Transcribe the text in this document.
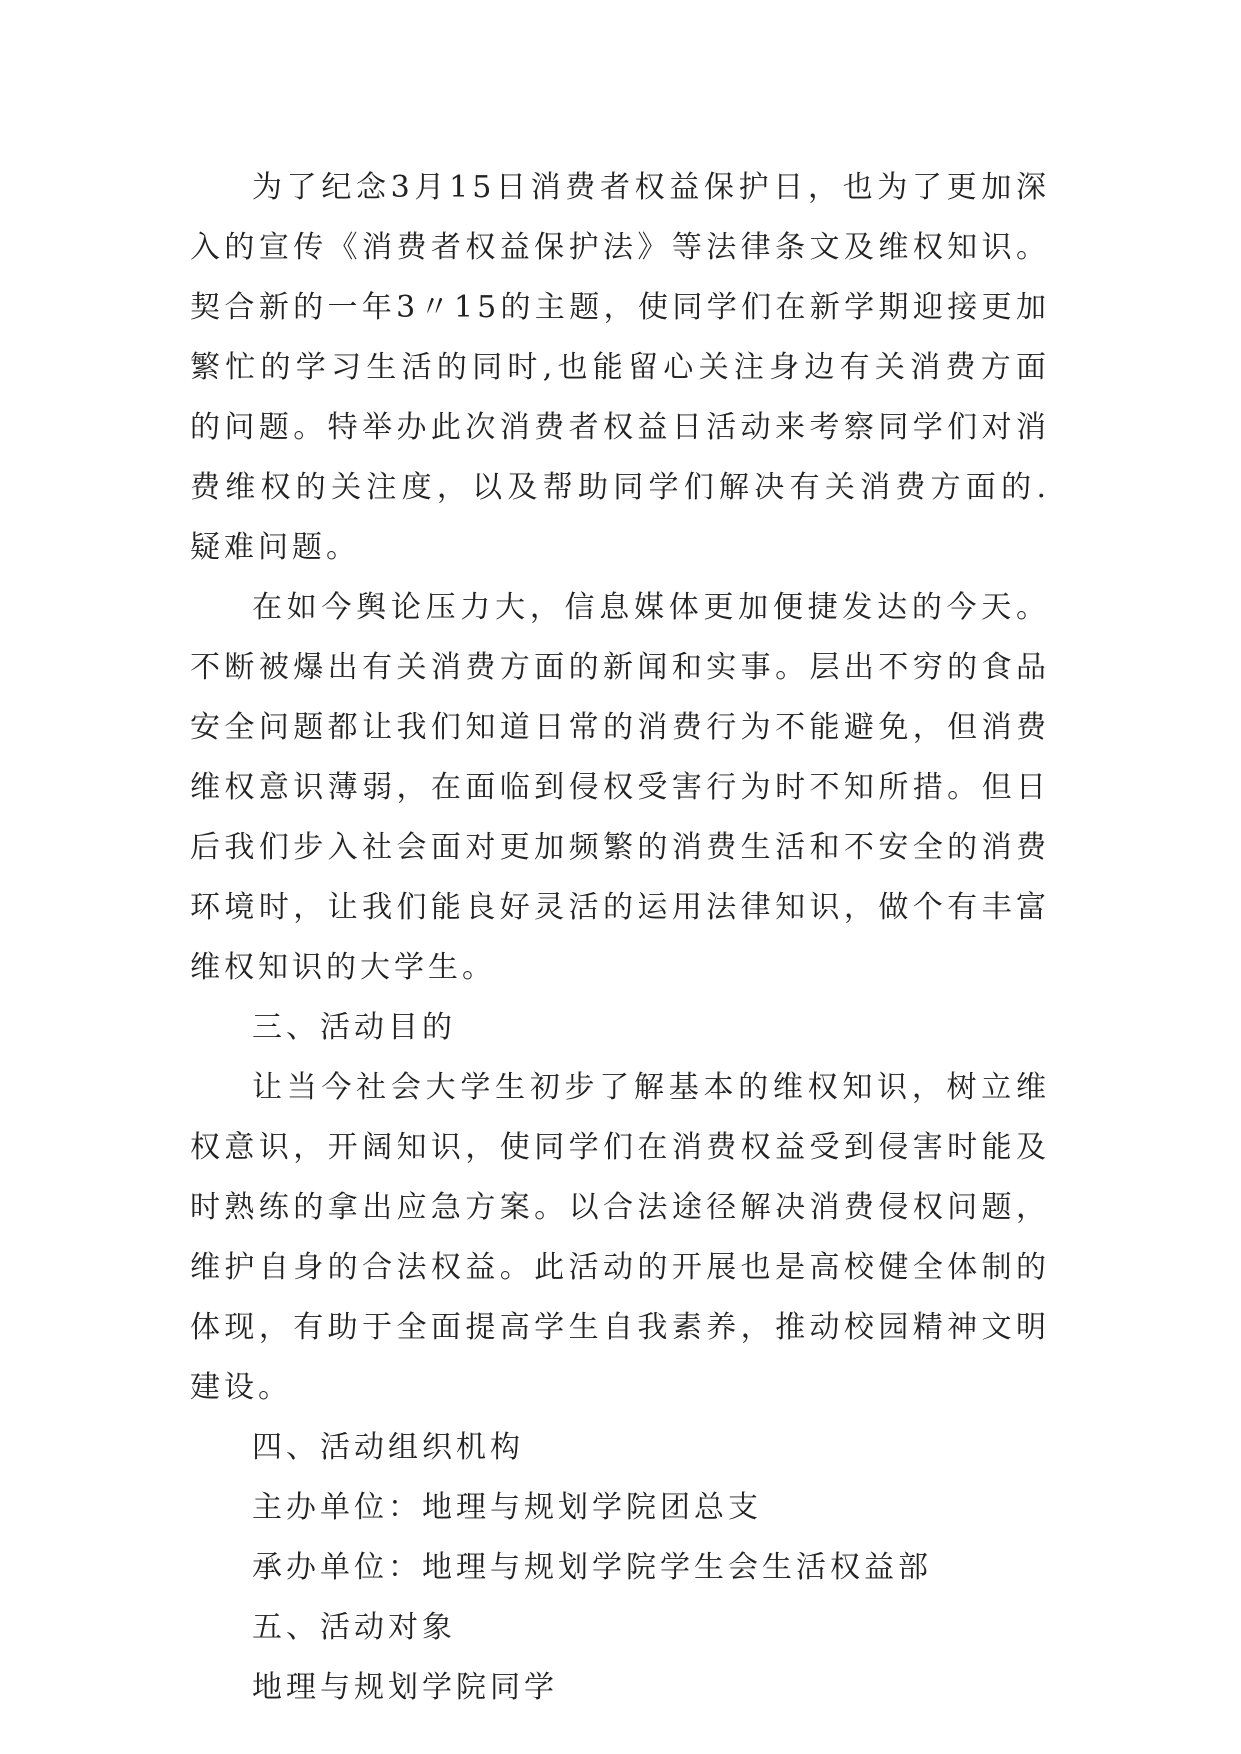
为了纪念3月15日消费者权益保护日，也为了更加深入的宣传《消费者权益保护法》等法律条文及维权知识。契合新的一年3〃15的主题，使同学们在新学期迎接更加繁忙的学习生活的同时,也能留心关注身边有关消费方面的问题。特举办此次消费者权益日活动来考察同学们对消费维权的关注度，以及帮助同学们解决有关消费方面的.疑难问题。

在如今舆论压力大，信息媒体更加便捷发达的今天。不断被爆出有关消费方面的新闻和实事。层出不穷的食品安全问题都让我们知道日常的消费行为不能避免，但消费维权意识薄弱，在面临到侵权受害行为时不知所措。但日后我们步入社会面对更加频繁的消费生活和不安全的消费环境时，让我们能良好灵活的运用法律知识，做个有丰富维权知识的大学生。

三、活动目的

让当今社会大学生初步了解基本的维权知识，树立维权意识，开阔知识，使同学们在消费权益受到侵害时能及时熟练的拿出应急方案。以合法途径解决消费侵权问题，维护自身的合法权益。此活动的开展也是高校健全体制的体现，有助于全面提高学生自我素养，推动校园精神文明建设。

四、活动组织机构

主办单位：地理与规划学院团总支

承办单位：地理与规划学院学生会生活权益部

五、活动对象

地理与规划学院同学
